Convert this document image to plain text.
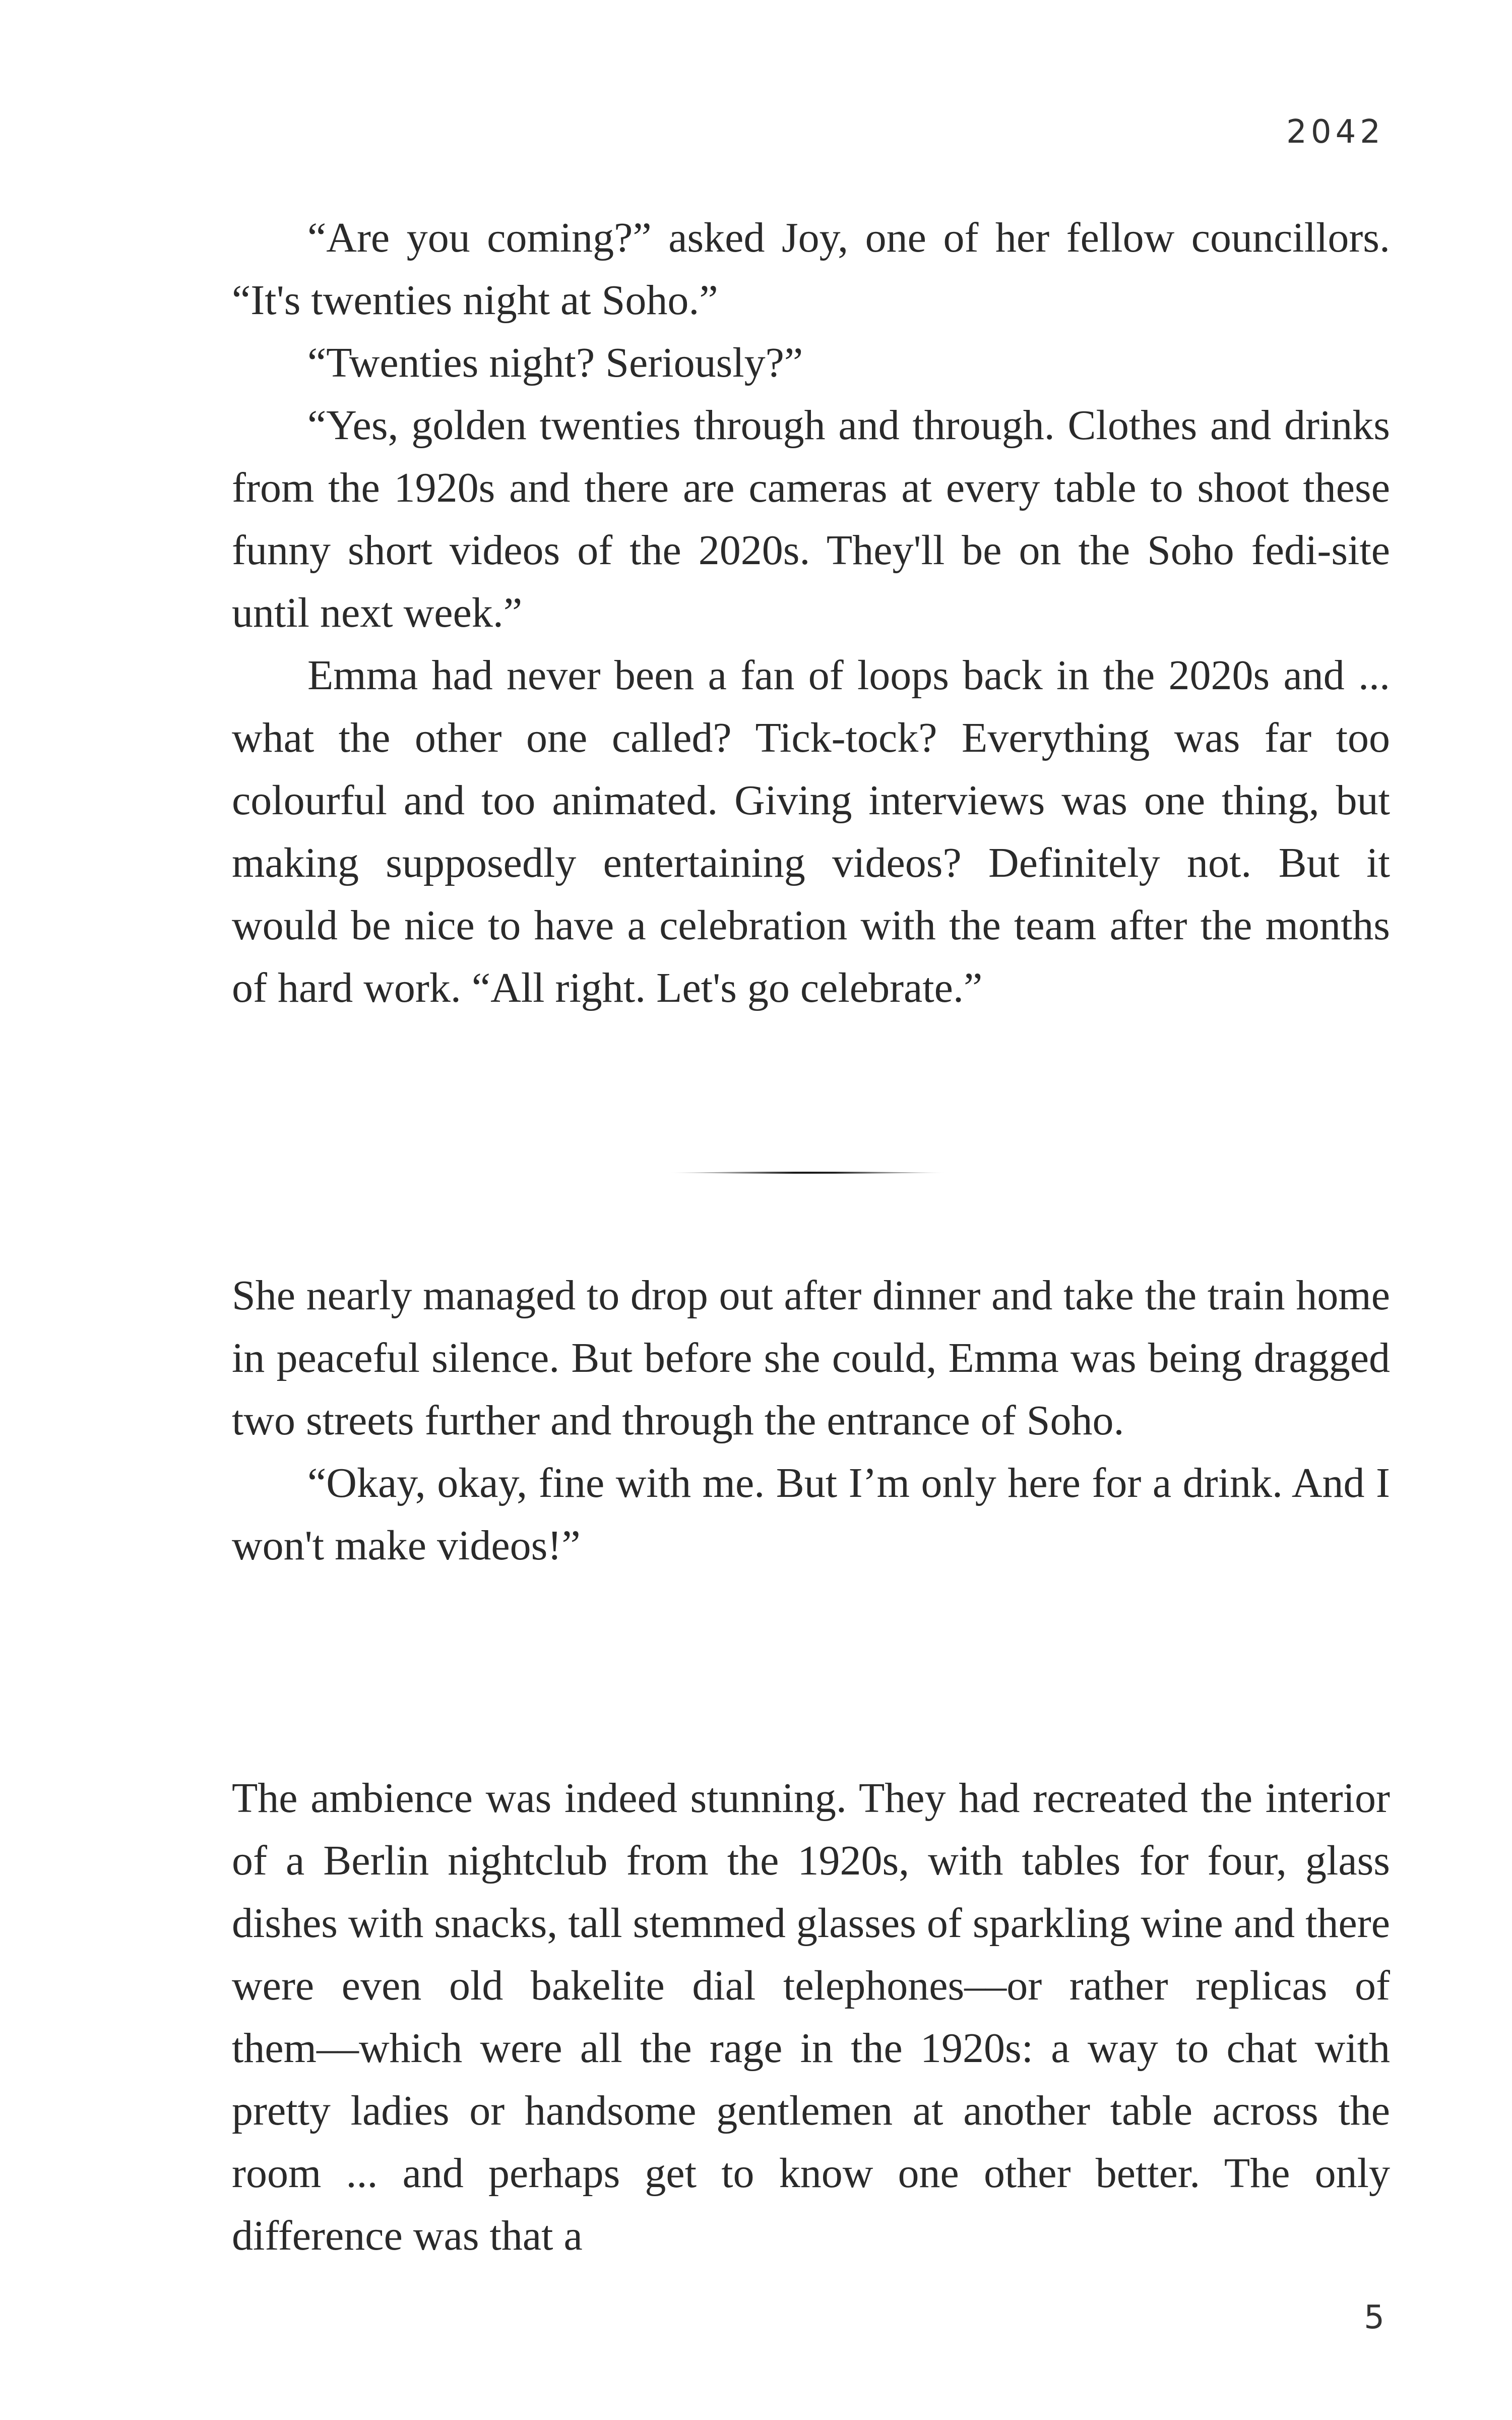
2042

“Are you coming?” asked Joy, one of her fellow councillors. “It's twenties night at Soho.”

“Twenties night? Seriously?”

“Yes, golden twenties through and through. Clothes and drinks from the 1920s and there are cameras at every table to shoot these funny short videos of the 2020s. They'll be on the Soho fedi-site until next week.”

Emma had never been a fan of loops back in the 2020s and ... what the other one called? Tick-tock? Everything was far too colourful and too animated. Giving interviews was one thing, but making supposedly entertaining videos? Definitely not. But it would be nice to have a celebration with the team after the months of hard work. “All right. Let's go celebrate.”

She nearly managed to drop out after dinner and take the train home in peaceful silence. But before she could, Emma was being dragged two streets further and through the entrance of Soho.

“Okay, okay, fine with me. But I’m only here for a drink. And I won't make videos!”

The ambience was indeed stunning. They had recreated the interior of a Berlin nightclub from the 1920s, with tables for four, glass dishes with snacks, tall stemmed glasses of sparkling wine and there were even old bakelite dial telephones––or rather replicas of them––which were all the rage in the 1920s: a way to chat with pretty ladies or handsome gentlemen at another table across the room ... and perhaps get to know one other better. The only difference was that a

5
